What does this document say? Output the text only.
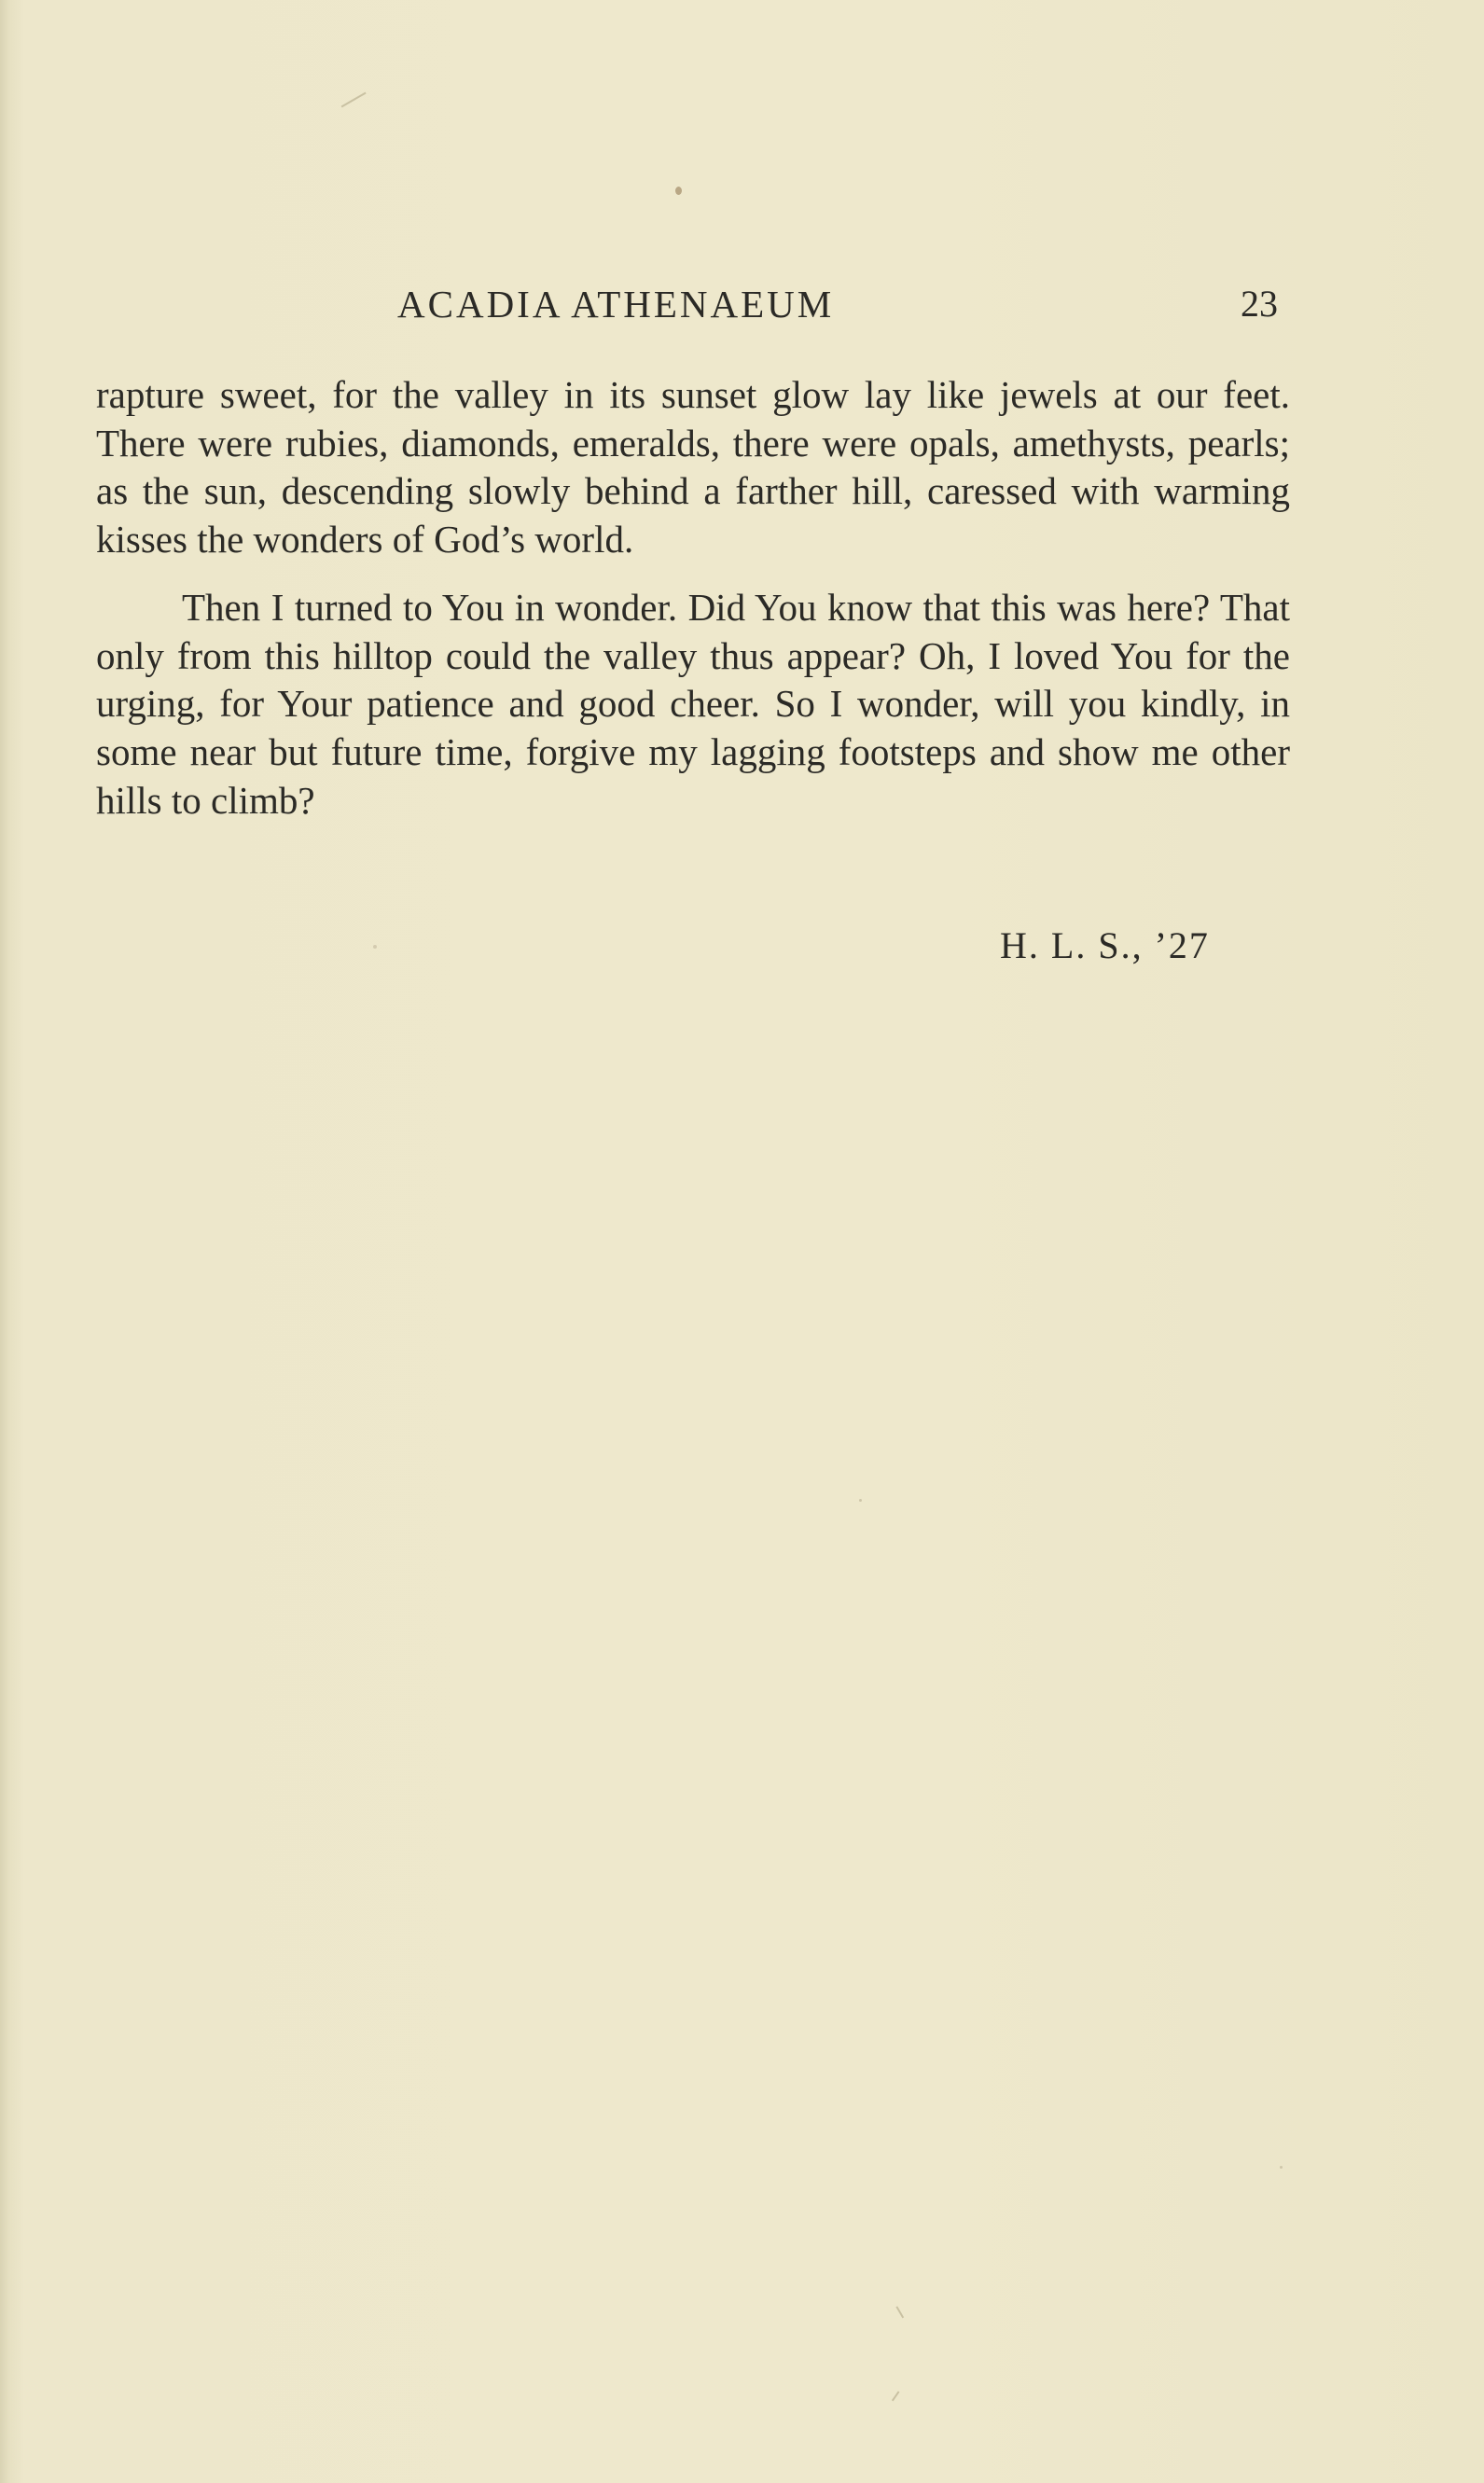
ACADIA ATHENAEUM	23

rapture sweet, for the valley in its sunset glow lay like jewels at our feet. There were rubies, diamonds, emeralds, there were opals, amethysts, pearls; as the sun, descending slowly behind a farther hill, caressed with warming kisses the wonders of God’s world.

Then I turned to You in wonder. Did You know that this was here? That only from this hilltop could the valley thus appear? Oh, I loved You for the urging, for Your patience and good cheer. So I wonder, will you kindly, in some near but future time, forgive my lagging footsteps and show me other hills to climb?

H. L. S., ’27
